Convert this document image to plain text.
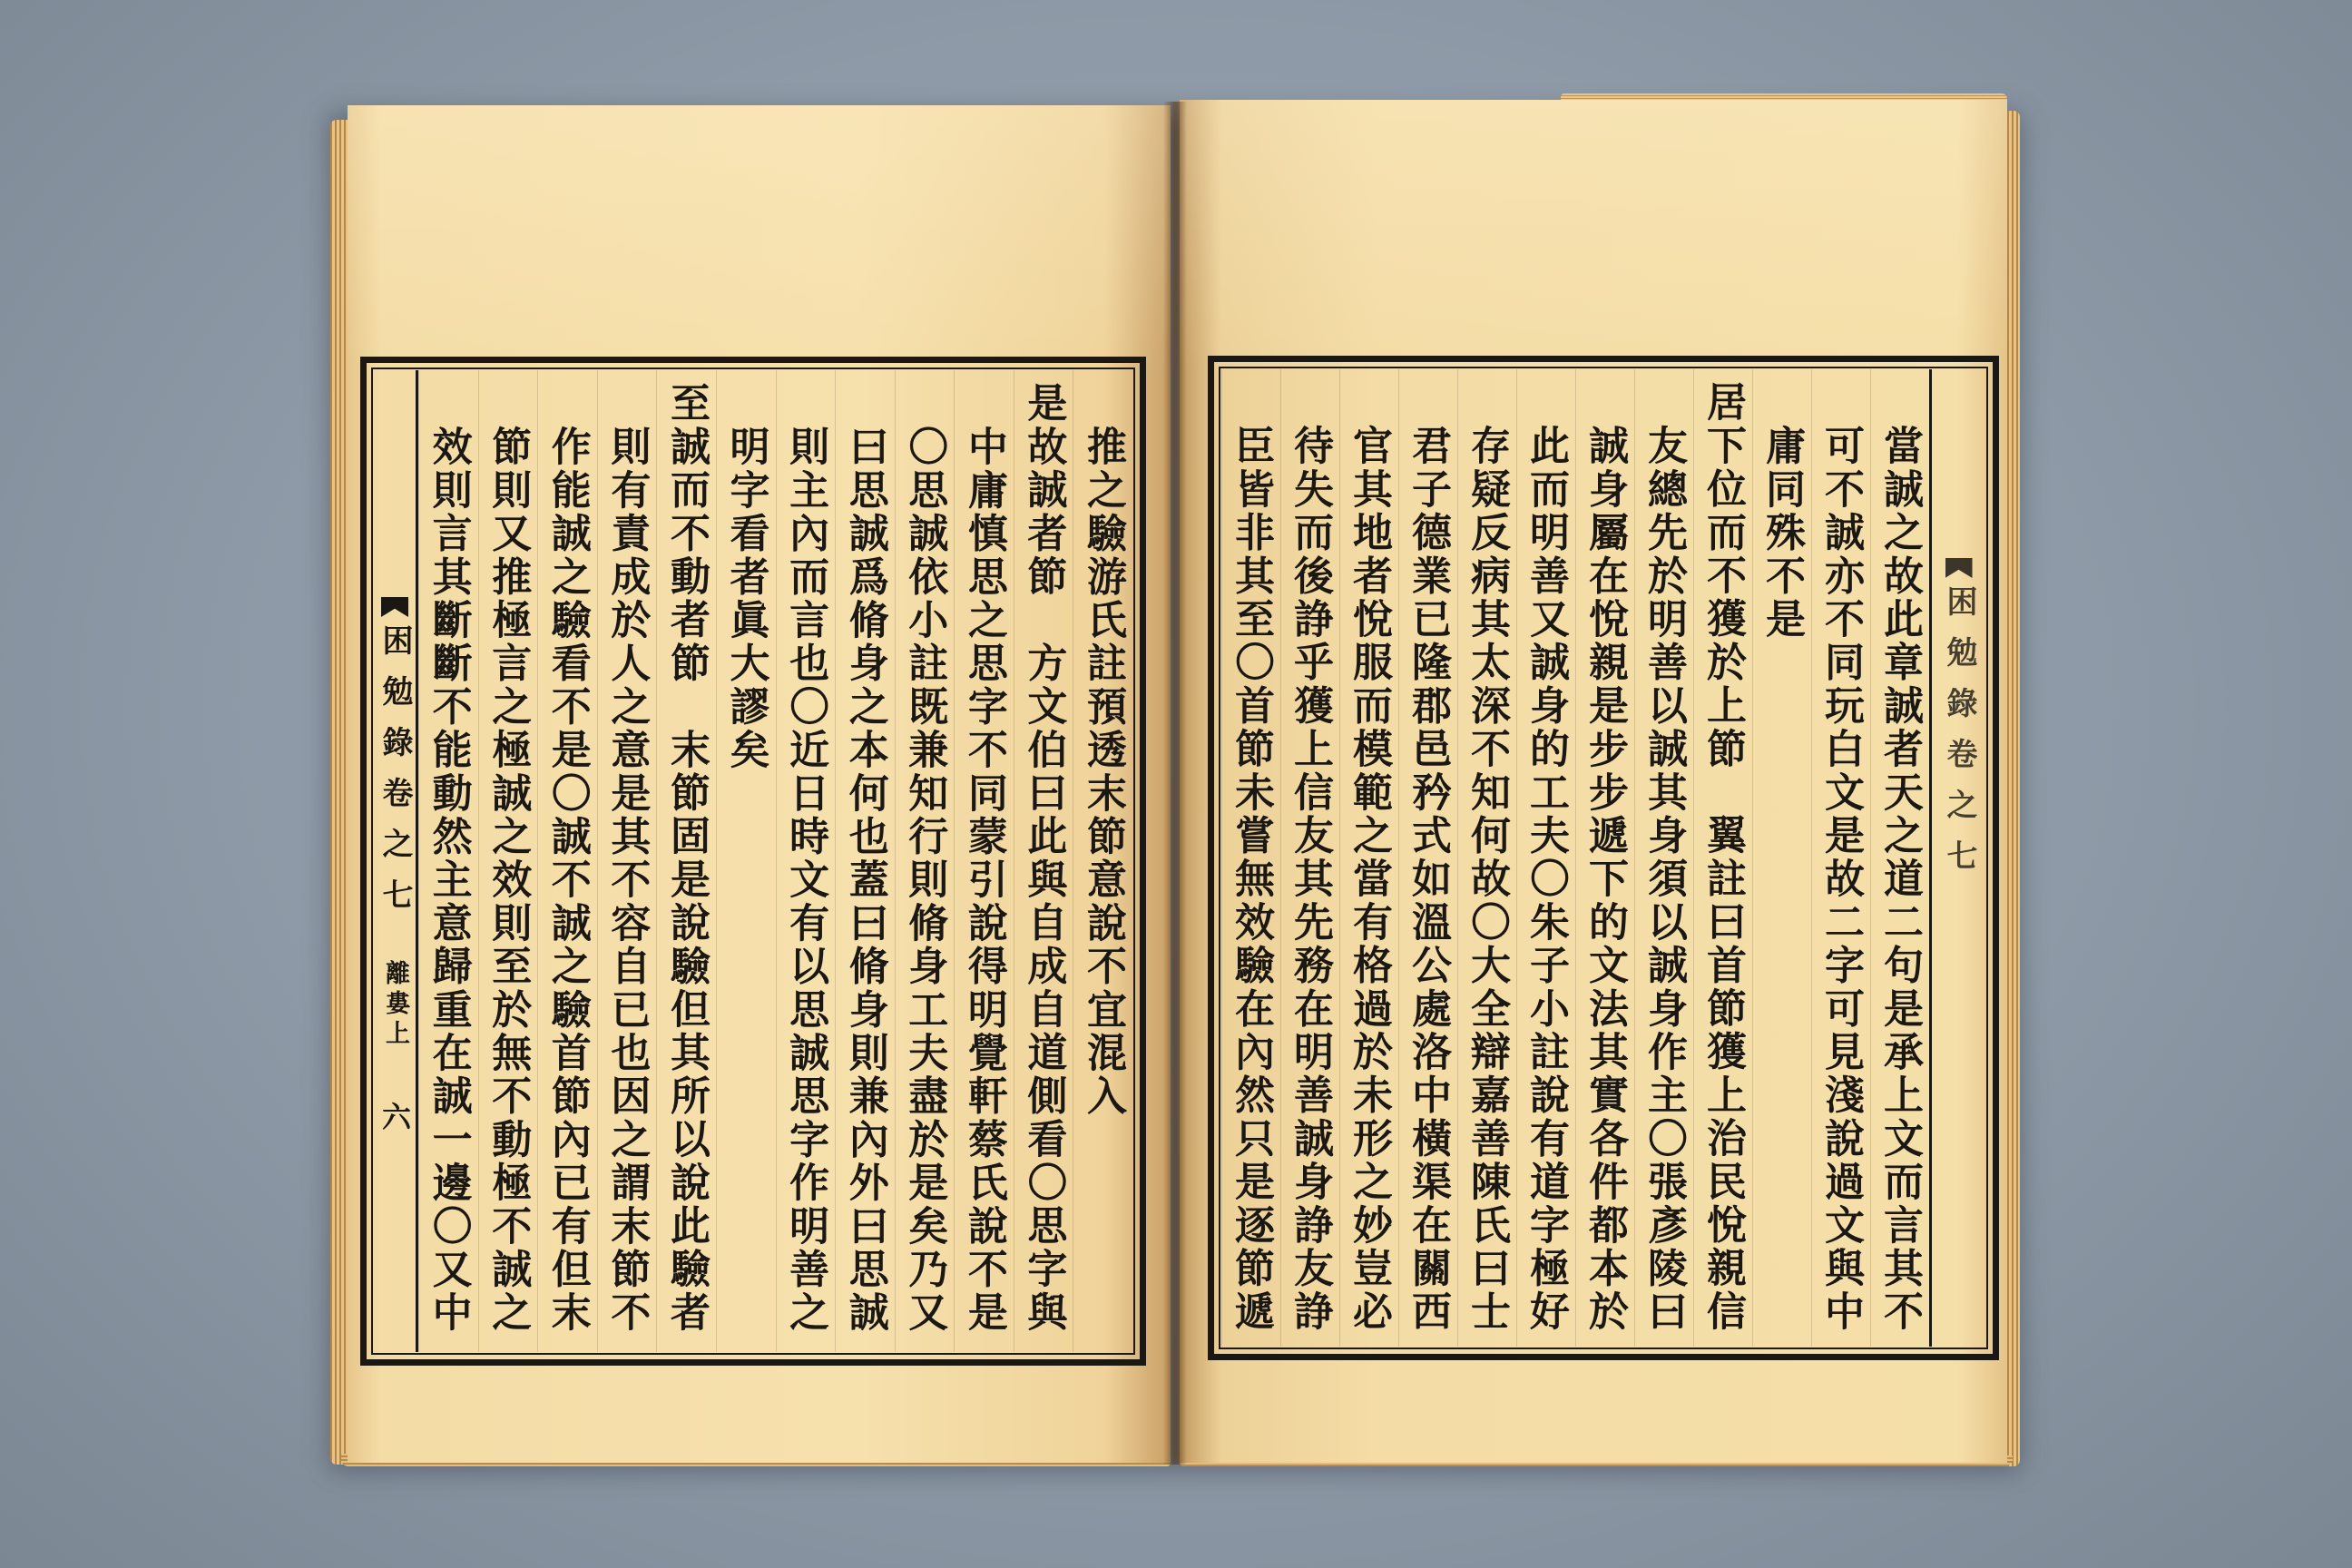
困勉錄卷之七
離婁上
六	推之驗游氏註預透末節意說不宜混入
是故誠者節　方文伯曰此與自成自道側看〇思字與
中庸慎思之思字不同蒙引說得明覺軒蔡氏說不是
〇思誠依小註既兼知行則脩身工夫盡於是矣乃又
曰思誠爲脩身之本何也蓋曰脩身則兼內外曰思誠
則主內而言也〇近日時文有以思誠思字作明善之
明字看者眞大謬矣
至誠而不動者節　末節固是說驗但其所以說此驗者
則有責成於人之意是其不容自已也因之謂末節不
作能誠之驗看不是〇誠不誠之驗首節內已有但末
節則又推極言之極誠之效則至於無不動極不誠之
效則言其斷斷不能動然主意歸重在誠一邊〇又中	當誠之故此章誠者天之道二句是承上文而言其不
可不誠亦不同玩白文是故二字可見淺說過文與中
庸同殊不是
居下位而不獲於上節　翼註曰首節獲上治民悅親信
友總先於明善以誠其身須以誠身作主〇張彥陵曰
誠身屬在悅親是步步遞下的文法其實各件都本於
此而明善又誠身的工夫〇朱子小註說有道字極好
存疑反病其太深不知何故〇大全辯嘉善陳氏曰士
君子德業已隆郡邑矜式如溫公處洛中橫渠在關西
官其地者悅服而模範之當有格過於未形之妙豈必
待失而後諍乎獲上信友其先務在明善誠身諍友諍
臣皆非其至〇首節未嘗無效驗在內然只是逐節遞	困勉錄卷之七
